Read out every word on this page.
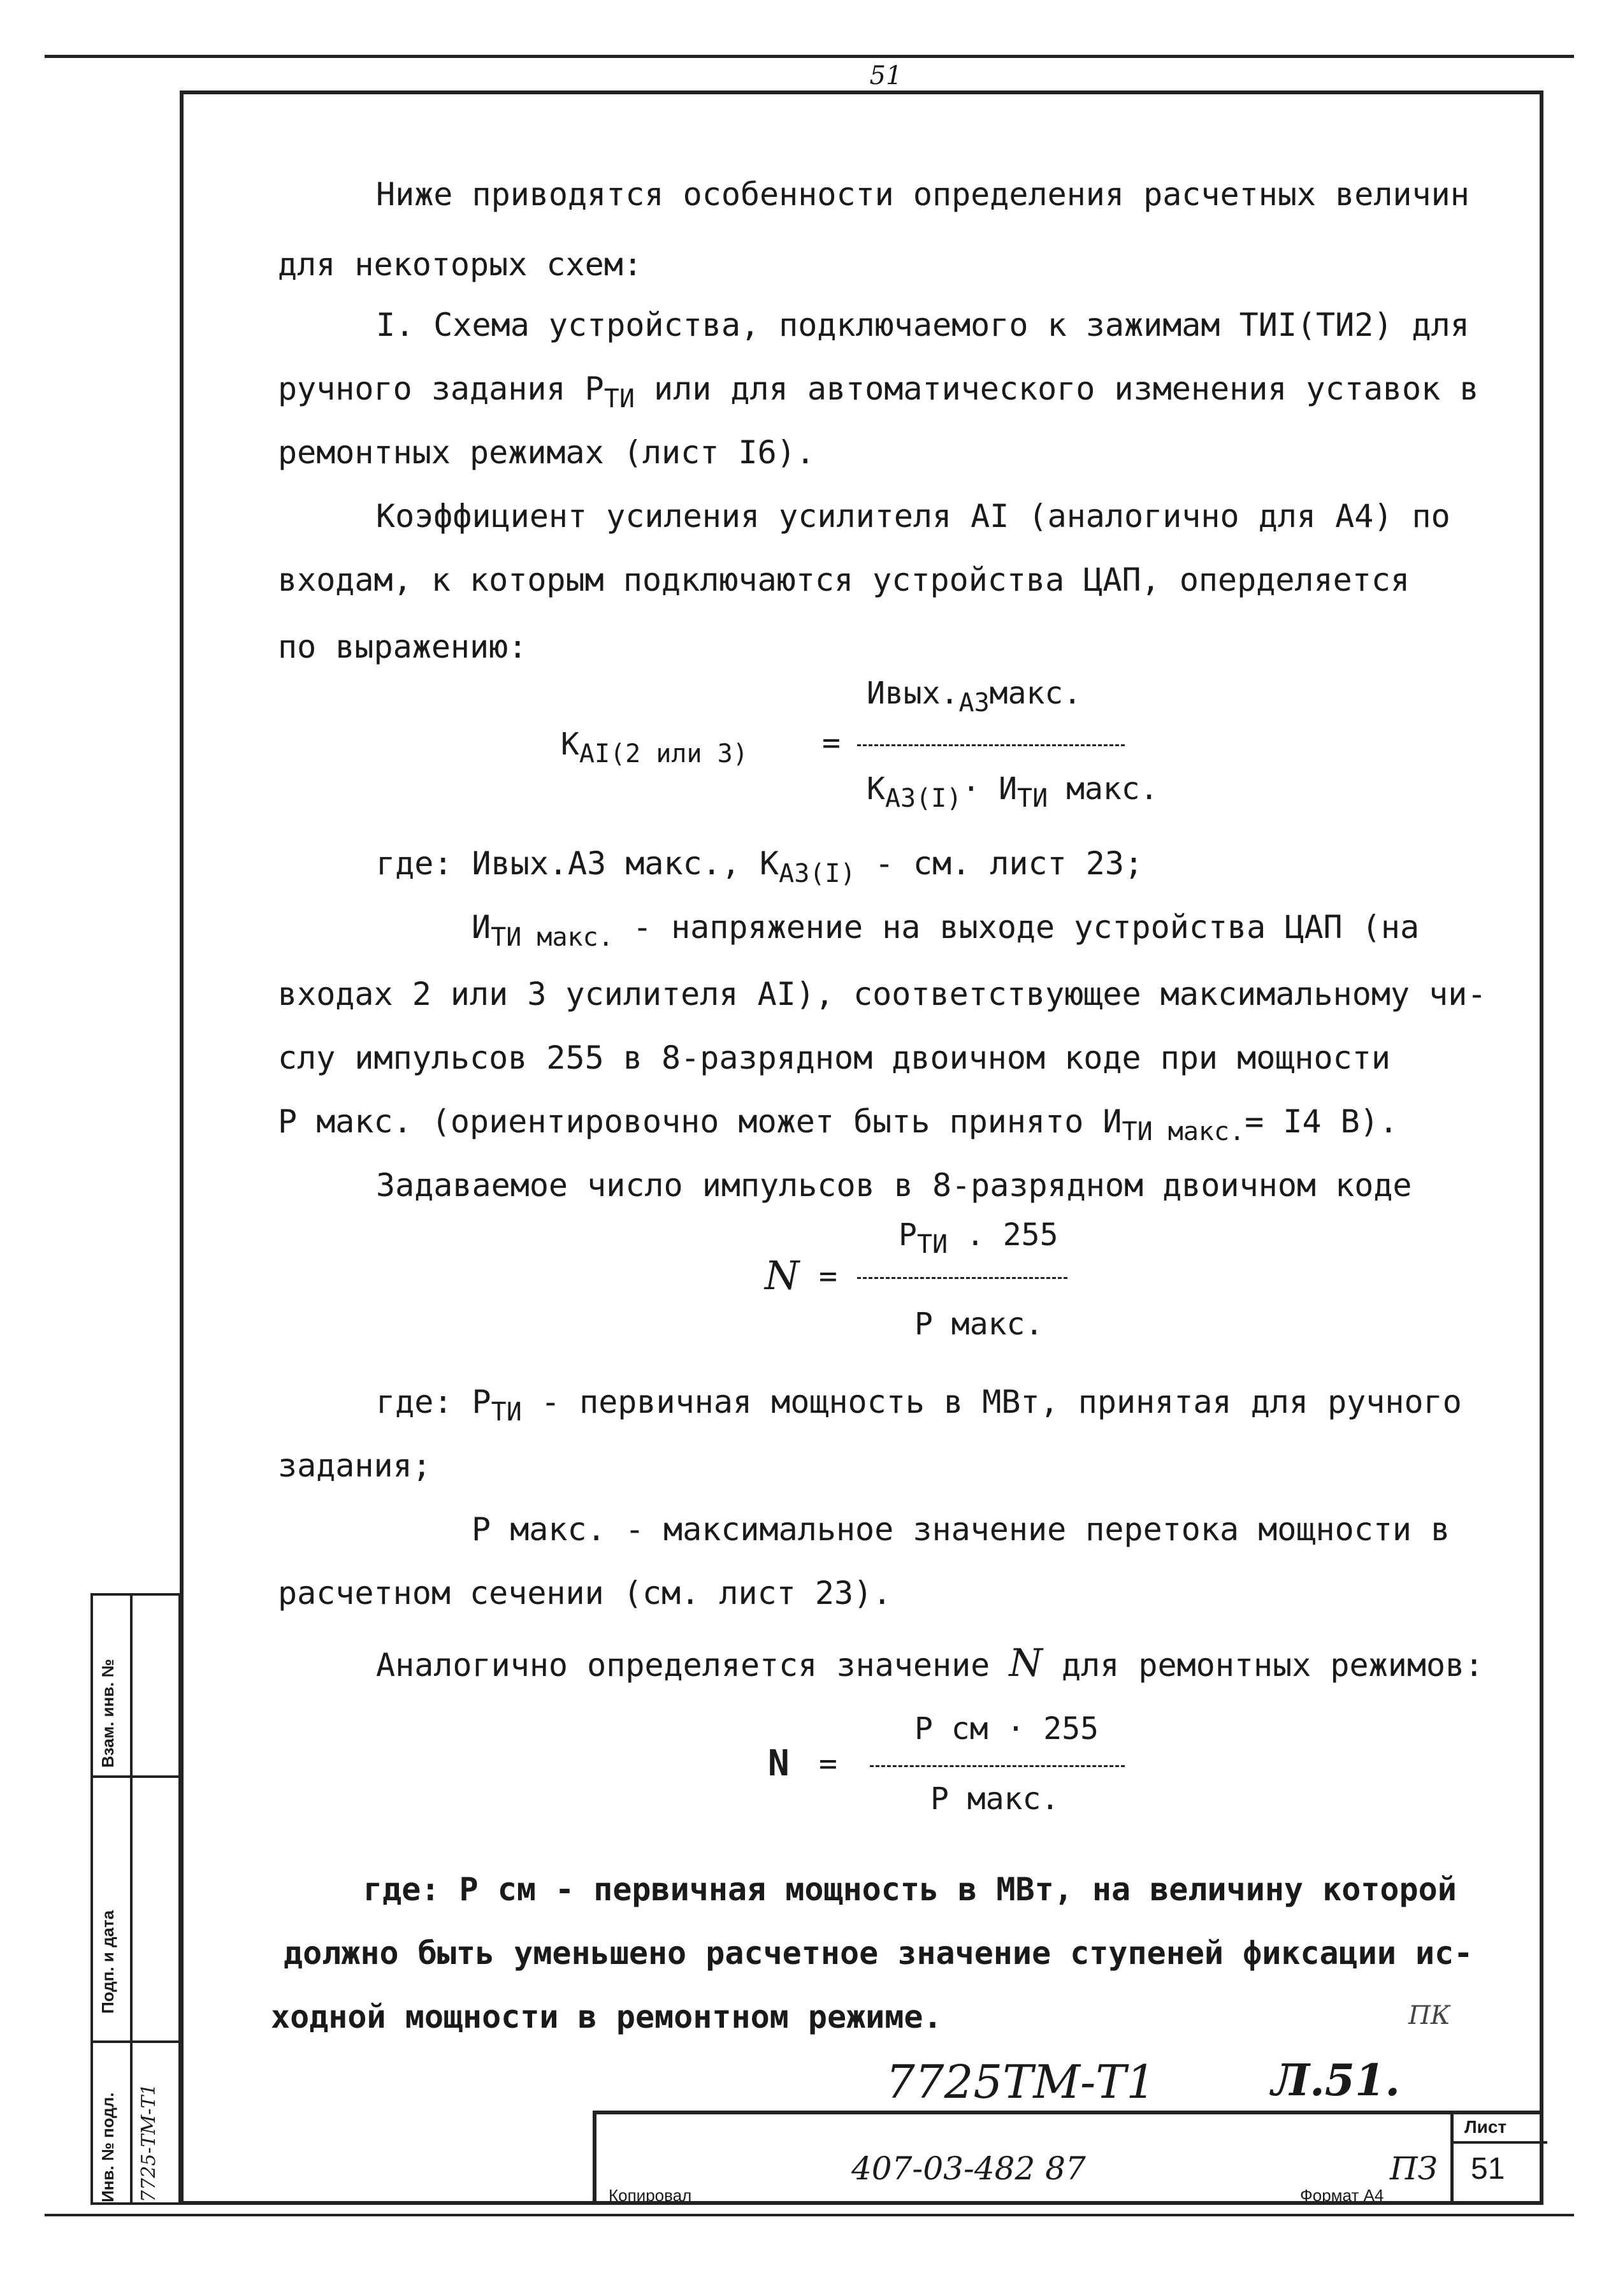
51
Ниже приводятся особенности определения расчетных величин
для некоторых схем:
I. Схема устройства, подключаемого к зажимам ТИI(ТИ2) для
ручного задания $Р_{ТИ}$ или для автоматического изменения уставок в
ремонтных режимах (лист I6).
Коэффициент усиления усилителя АI (аналогично для А4) по
входам, к которым подключаются устройства ЦАП, оперделяется
по выражению:
$Ивых._{А3}макс$.
$К_{АI(2 или 3)}$ =
$К_{А3(I)}\cdot И_{ТИ}$ макс.
где: Ивых.А3 макс., $К_{А3(I)}$ - см. лист 23;
$И_{ТИ макс.}$ - напряжение на выходе устройства ЦАП (на
входах 2 или 3 усилителя АI), соответствующее максимальному чи-
слу импульсов 255 в 8-разрядном двоичном коде при мощности
Р макс. (ориентировочно может быть принято $И_{ТИ макс.}= I4$ В).
Задаваемое число импульсов в 8-разрядном двоичном коде
$Р_{ТИ}$ . 255
N =
Р макс.
где: $Р_{ТИ}$ - первичная мощность в МВт, принятая для ручного
задания;
Р макс. - максимальное значение перетока мощности в
расчетном сечении (см. лист 23).
Аналогично определяется значение N для ремонтных режимов:
Р см · 255
N =
Р макс.
где: Р см - первичная мощность в МВт, на величину которой
должно быть уменьшено расчетное значение ступеней фиксации ис-
ходной мощности в ремонтном режиме.	ПК
7725ТМ-Т1	Л.51.
Взам. инв. №
Подп. и дата
Инв. № подл. 7725-ТМ-Т1	407-03-482 87	ПЗ
Лист
51
Копировал	Формат А4
